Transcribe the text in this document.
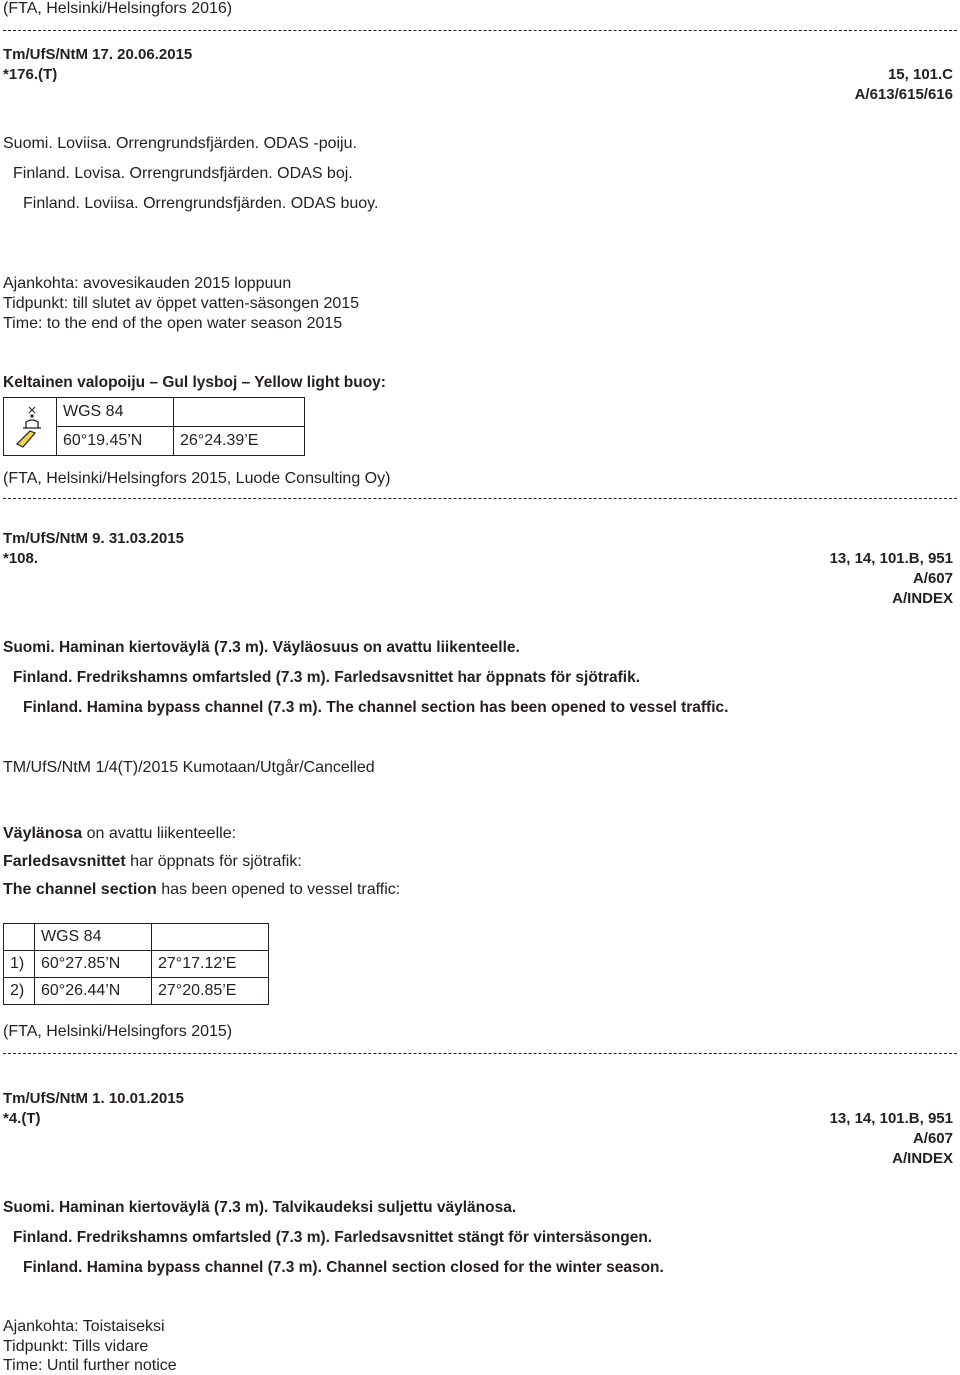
(FTA, Helsinki/Helsingfors 2016)
Tm/UfS/NtM 17. 20.06.2015
*176.(T)	15, 101.C
A/613/615/616
Suomi. Loviisa. Orrengrundsfjärden. ODAS -poiju.
Finland. Lovisa. Orrengrundsfjärden. ODAS boj.
Finland. Loviisa. Orrengrundsfjärden. ODAS buoy.
Ajankohta: avovesikauden 2015 loppuun
Tidpunkt: till slutet av öppet vatten-säsongen 2015
Time: to the end of the open water season 2015
Keltainen valopoiju – Gul lysboj – Yellow light buoy:
	WGS 84	
	60°19.45’N	26°24.39’E
(FTA, Helsinki/Helsingfors 2015, Luode Consulting Oy)
Tm/UfS/NtM 9. 31.03.2015
*108.	13, 14, 101.B, 951
A/607
A/INDEX
Suomi. Haminan kiertoväylä (7.3 m). Väyläosuus on avattu liikenteelle.
Finland. Fredrikshamns omfartsled (7.3 m). Farledsavsnittet har öppnats för sjötrafik.
Finland. Hamina bypass channel (7.3 m). The channel section has been opened to vessel traffic.
TM/UfS/NtM 1/4(T)/2015 Kumotaan/Utgår/Cancelled
Väylänosa on avattu liikenteelle:
Farledsavsnittet har öppnats för sjötrafik:
The channel section has been opened to vessel traffic:
	WGS 84	
1)	60°27.85’N	27°17.12’E
2)	60°26.44’N	27°20.85’E
(FTA, Helsinki/Helsingfors 2015)
Tm/UfS/NtM 1. 10.01.2015
*4.(T)	13, 14, 101.B, 951
A/607
A/INDEX
Suomi. Haminan kiertoväylä (7.3 m). Talvikaudeksi suljettu väylänosa.
Finland. Fredrikshamns omfartsled (7.3 m). Farledsavsnittet stängt för vintersäsongen.
Finland. Hamina bypass channel (7.3 m). Channel section closed for the winter season.
Ajankohta: Toistaiseksi
Tidpunkt: Tills vidare
Time: Until further notice
